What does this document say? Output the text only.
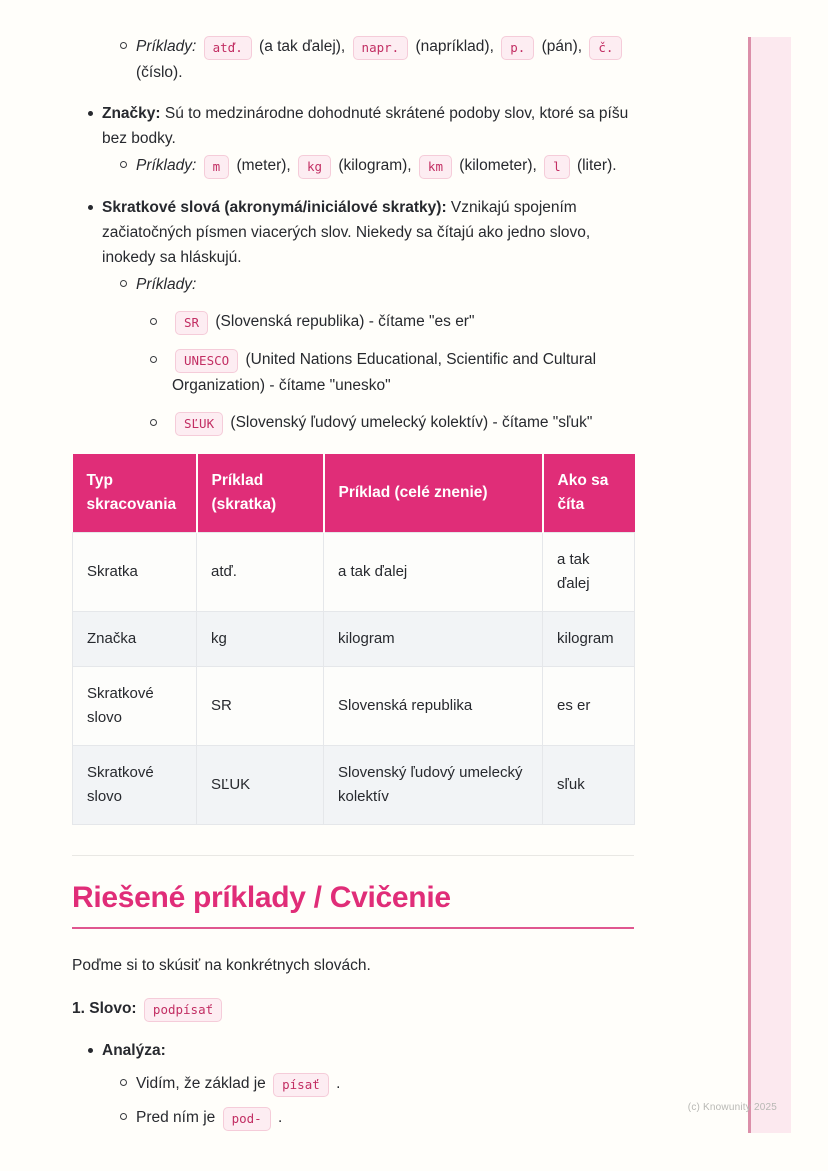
Príklady: atď. (a tak ďalej), napr. (napríklad), p. (pán), č. (číslo).
Značky: Sú to medzinárodne dohodnuté skrátené podoby slov, ktoré sa píšu bez bodky.
Príklady: m (meter), kg (kilogram), km (kilometer), l (liter).
Skratkové slová (akronymá/iniciálové skratky): Vznikajú spojením začiatočných písmen viacerých slov. Niekedy sa čítajú ako jedno slovo, inokedy sa hláskujú.
Príklady:
SR (Slovenská republika) - čítame "es er"
UNESCO (United Nations Educational, Scientific and Cultural Organization) - čítame "unesko"
SĽUK (Slovenský ľudový umelecký kolektív) - čítame "sľuk"
Typ skracovania	Príklad (skratka)	Príklad (celé znenie)	Ako sa číta
Skratka	atď.	a tak ďalej	a tak ďalej
Značka	kg	kilogram	kilogram
Skratkové slovo	SR	Slovenská republika	es er
Skratkové slovo	SĽUK	Slovenský ľudový umelecký kolektív	sľuk
Riešené príklady / Cvičenie

Poďme si to skúsiť na konkrétnych slovách.

1. Slovo: podpísať

Analýza:
Vidím, že základ je písať .
Pred ním je pod- .
(c) Knowunity 2025
